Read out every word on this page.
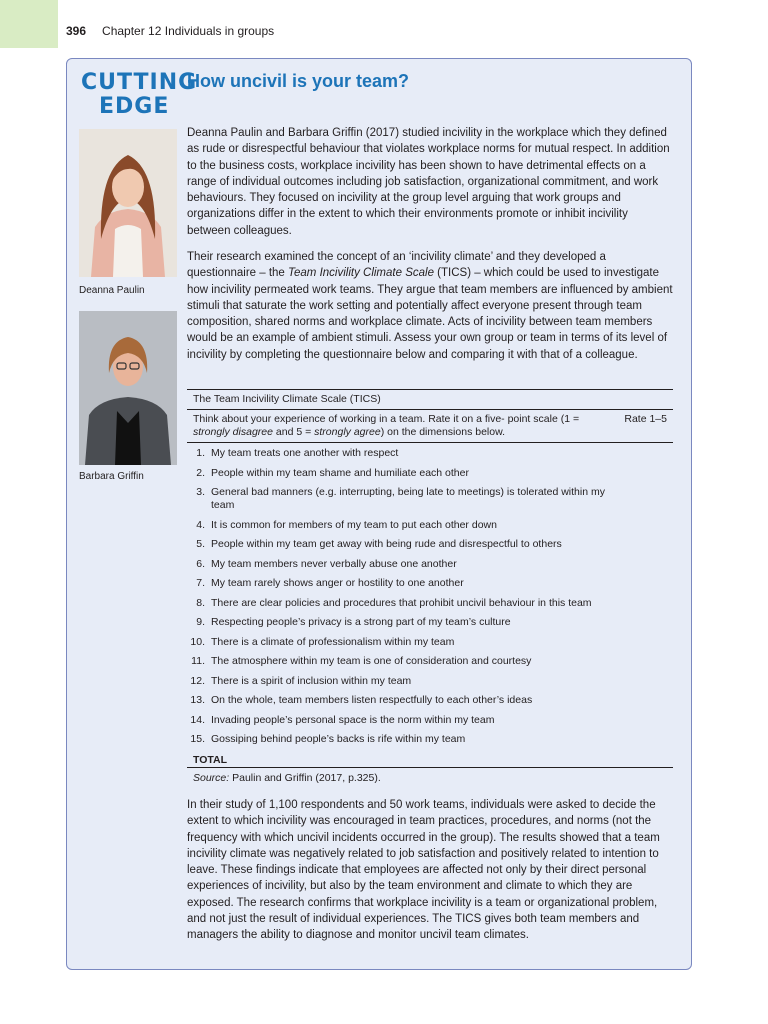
396 Chapter 12 Individuals in groups
CUTTING
EDGE
How uncivil is your team?
Deanna Paulin
Barbara Griffin

Deanna Paulin and Barbara Griffin (2017) studied incivility in the workplace which they defined as rude or disrespectful behaviour that violates workplace norms for mutual respect. In addition to the business costs, workplace incivility has been shown to have detrimental effects on a range of individual outcomes including job satisfaction, organizational commitment, and work behaviours. They focused on incivility at the group level arguing that work groups and organizations differ in the extent to which their environments promote or inhibit incivility between colleagues.

Their research examined the concept of an ‘incivility climate’ and they developed a questionnaire – the Team Incivility Climate Scale (TICS) – which could be used to investigate how incivility permeated work teams. They argue that team members are influenced by ambient stimuli that saturate the work setting and potentially affect everyone present through team composition, shared norms and workplace climate. Acts of incivility between team members would be an example of ambient stimuli. Assess your own group or team in terms of its level of incivility by completing the questionnaire below and comparing it with that of a colleague.

The Team Incivility Climate Scale (TICS)
Think about your experience of working in a team. Rate it on a five- point scale (1 = strongly disagree and 5 = strongly agree) on the dimensions below.
Rate 1–5
1. My team treats one another with respect
2. People within my team shame and humiliate each other
3. General bad manners (e.g. interrupting, being late to meetings) is tolerated within my team
4. It is common for members of my team to put each other down
5. People within my team get away with being rude and disrespectful to others
6. My team members never verbally abuse one another
7. My team rarely shows anger or hostility to one another
8. There are clear policies and procedures that prohibit uncivil behaviour in this team
9. Respecting people’s privacy is a strong part of my team’s culture
10. There is a climate of professionalism within my team
11. The atmosphere within my team is one of consideration and courtesy
12. There is a spirit of inclusion within my team
13. On the whole, team members listen respectfully to each other’s ideas
14. Invading people’s personal space is the norm within my team
15. Gossiping behind people’s backs is rife within my team
TOTAL
Source: Paulin and Griffin (2017, p.325).

In their study of 1,100 respondents and 50 work teams, individuals were asked to decide the extent to which incivility was encouraged in team practices, procedures, and norms (not the frequency with which uncivil incidents occurred in the group). The results showed that a team incivility climate was negatively related to job satisfaction and positively related to intention to leave. These findings indicate that employees are affected not only by their direct personal experiences of incivility, but also by the team environment and climate to which they are exposed. The research confirms that workplace incivility is a team or organizational problem, and not just the result of individual experiences. The TICS gives both team members and managers the ability to diagnose and monitor uncivil team climates.
